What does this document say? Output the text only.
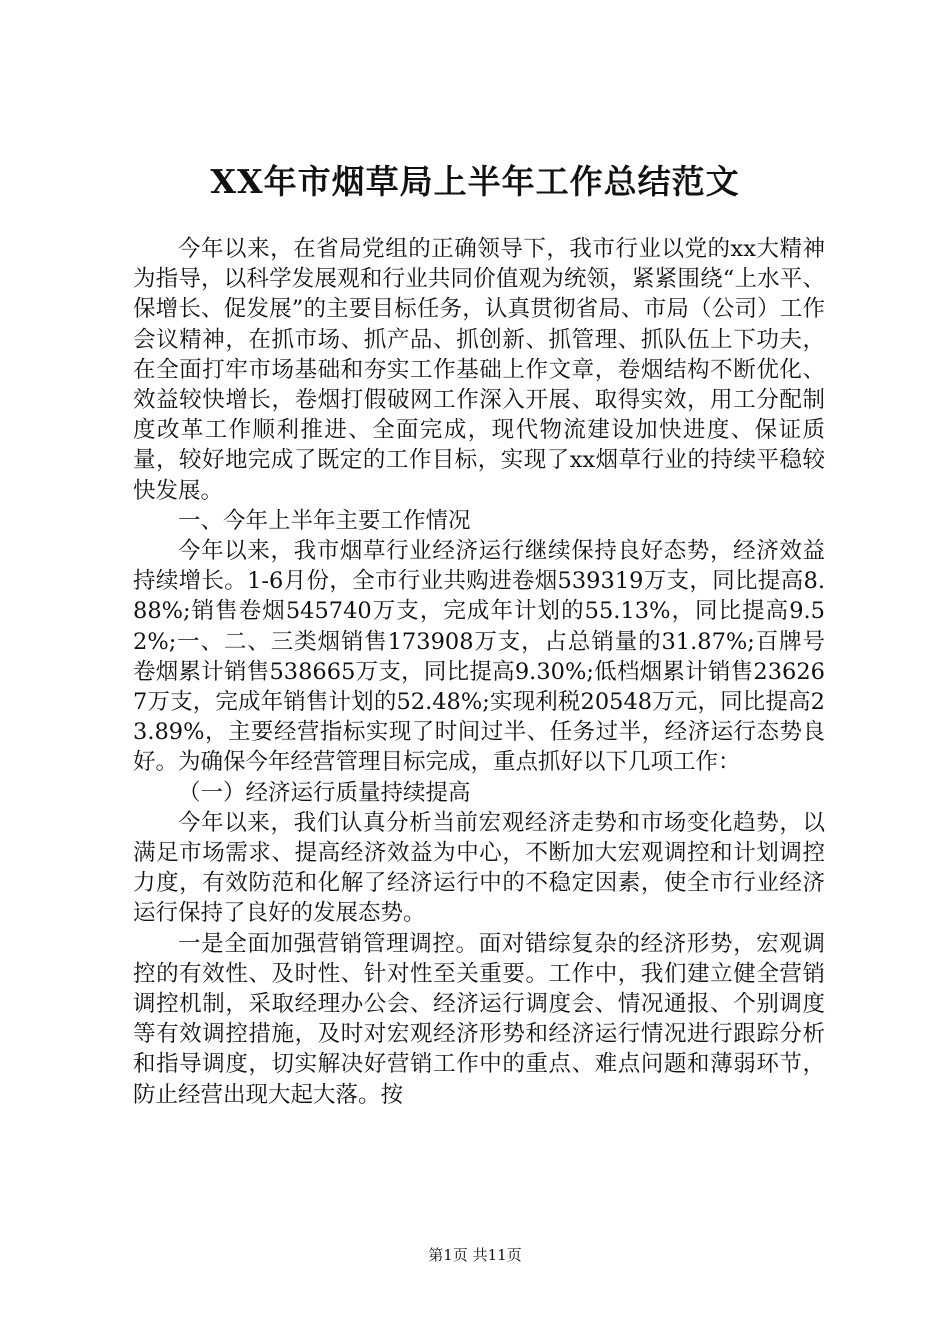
XX年市烟草局上半年工作总结范文

今年以来，在省局党组的正确领导下，我市行业以党的xx大精神为指导，以科学发展观和行业共同价值观为统领，紧紧围绕“上水平、保增长、促发展”的主要目标任务，认真贯彻省局、市局（公司）工作会议精神，在抓市场、抓产品、抓创新、抓管理、抓队伍上下功夫，在全面打牢市场基础和夯实工作基础上作文章，卷烟结构不断优化、效益较快增长，卷烟打假破网工作深入开展、取得实效，用工分配制度改革工作顺利推进、全面完成，现代物流建设加快进度、保证质量，较好地完成了既定的工作目标，实现了xx烟草行业的持续平稳较快发展。

一、今年上半年主要工作情况

今年以来，我市烟草行业经济运行继续保持良好态势，经济效益持续增长。1-6月份，全市行业共购进卷烟539319万支，同比提高8.88%;销售卷烟545740万支，完成年计划的55.13%，同比提高9.52%;一、二、三类烟销售173908万支，占总销量的31.87%;百牌号卷烟累计销售538665万支，同比提高9.30%;低档烟累计销售236267万支，完成年销售计划的52.48%;实现利税20548万元，同比提高23.89%，主要经营指标实现了时间过半、任务过半，经济运行态势良好。为确保今年经营管理目标完成，重点抓好以下几项工作：

（一）经济运行质量持续提高

今年以来，我们认真分析当前宏观经济走势和市场变化趋势，以满足市场需求、提高经济效益为中心，不断加大宏观调控和计划调控力度，有效防范和化解了经济运行中的不稳定因素，使全市行业经济运行保持了良好的发展态势。

一是全面加强营销管理调控。面对错综复杂的经济形势，宏观调控的有效性、及时性、针对性至关重要。工作中，我们建立健全营销调控机制，采取经理办公会、经济运行调度会、情况通报、个别调度等有效调控措施，及时对宏观经济形势和经济运行情况进行跟踪分析和指导调度，切实解决好营销工作中的重点、难点问题和薄弱环节，防止经营出现大起大落。按

第1页 共11页
